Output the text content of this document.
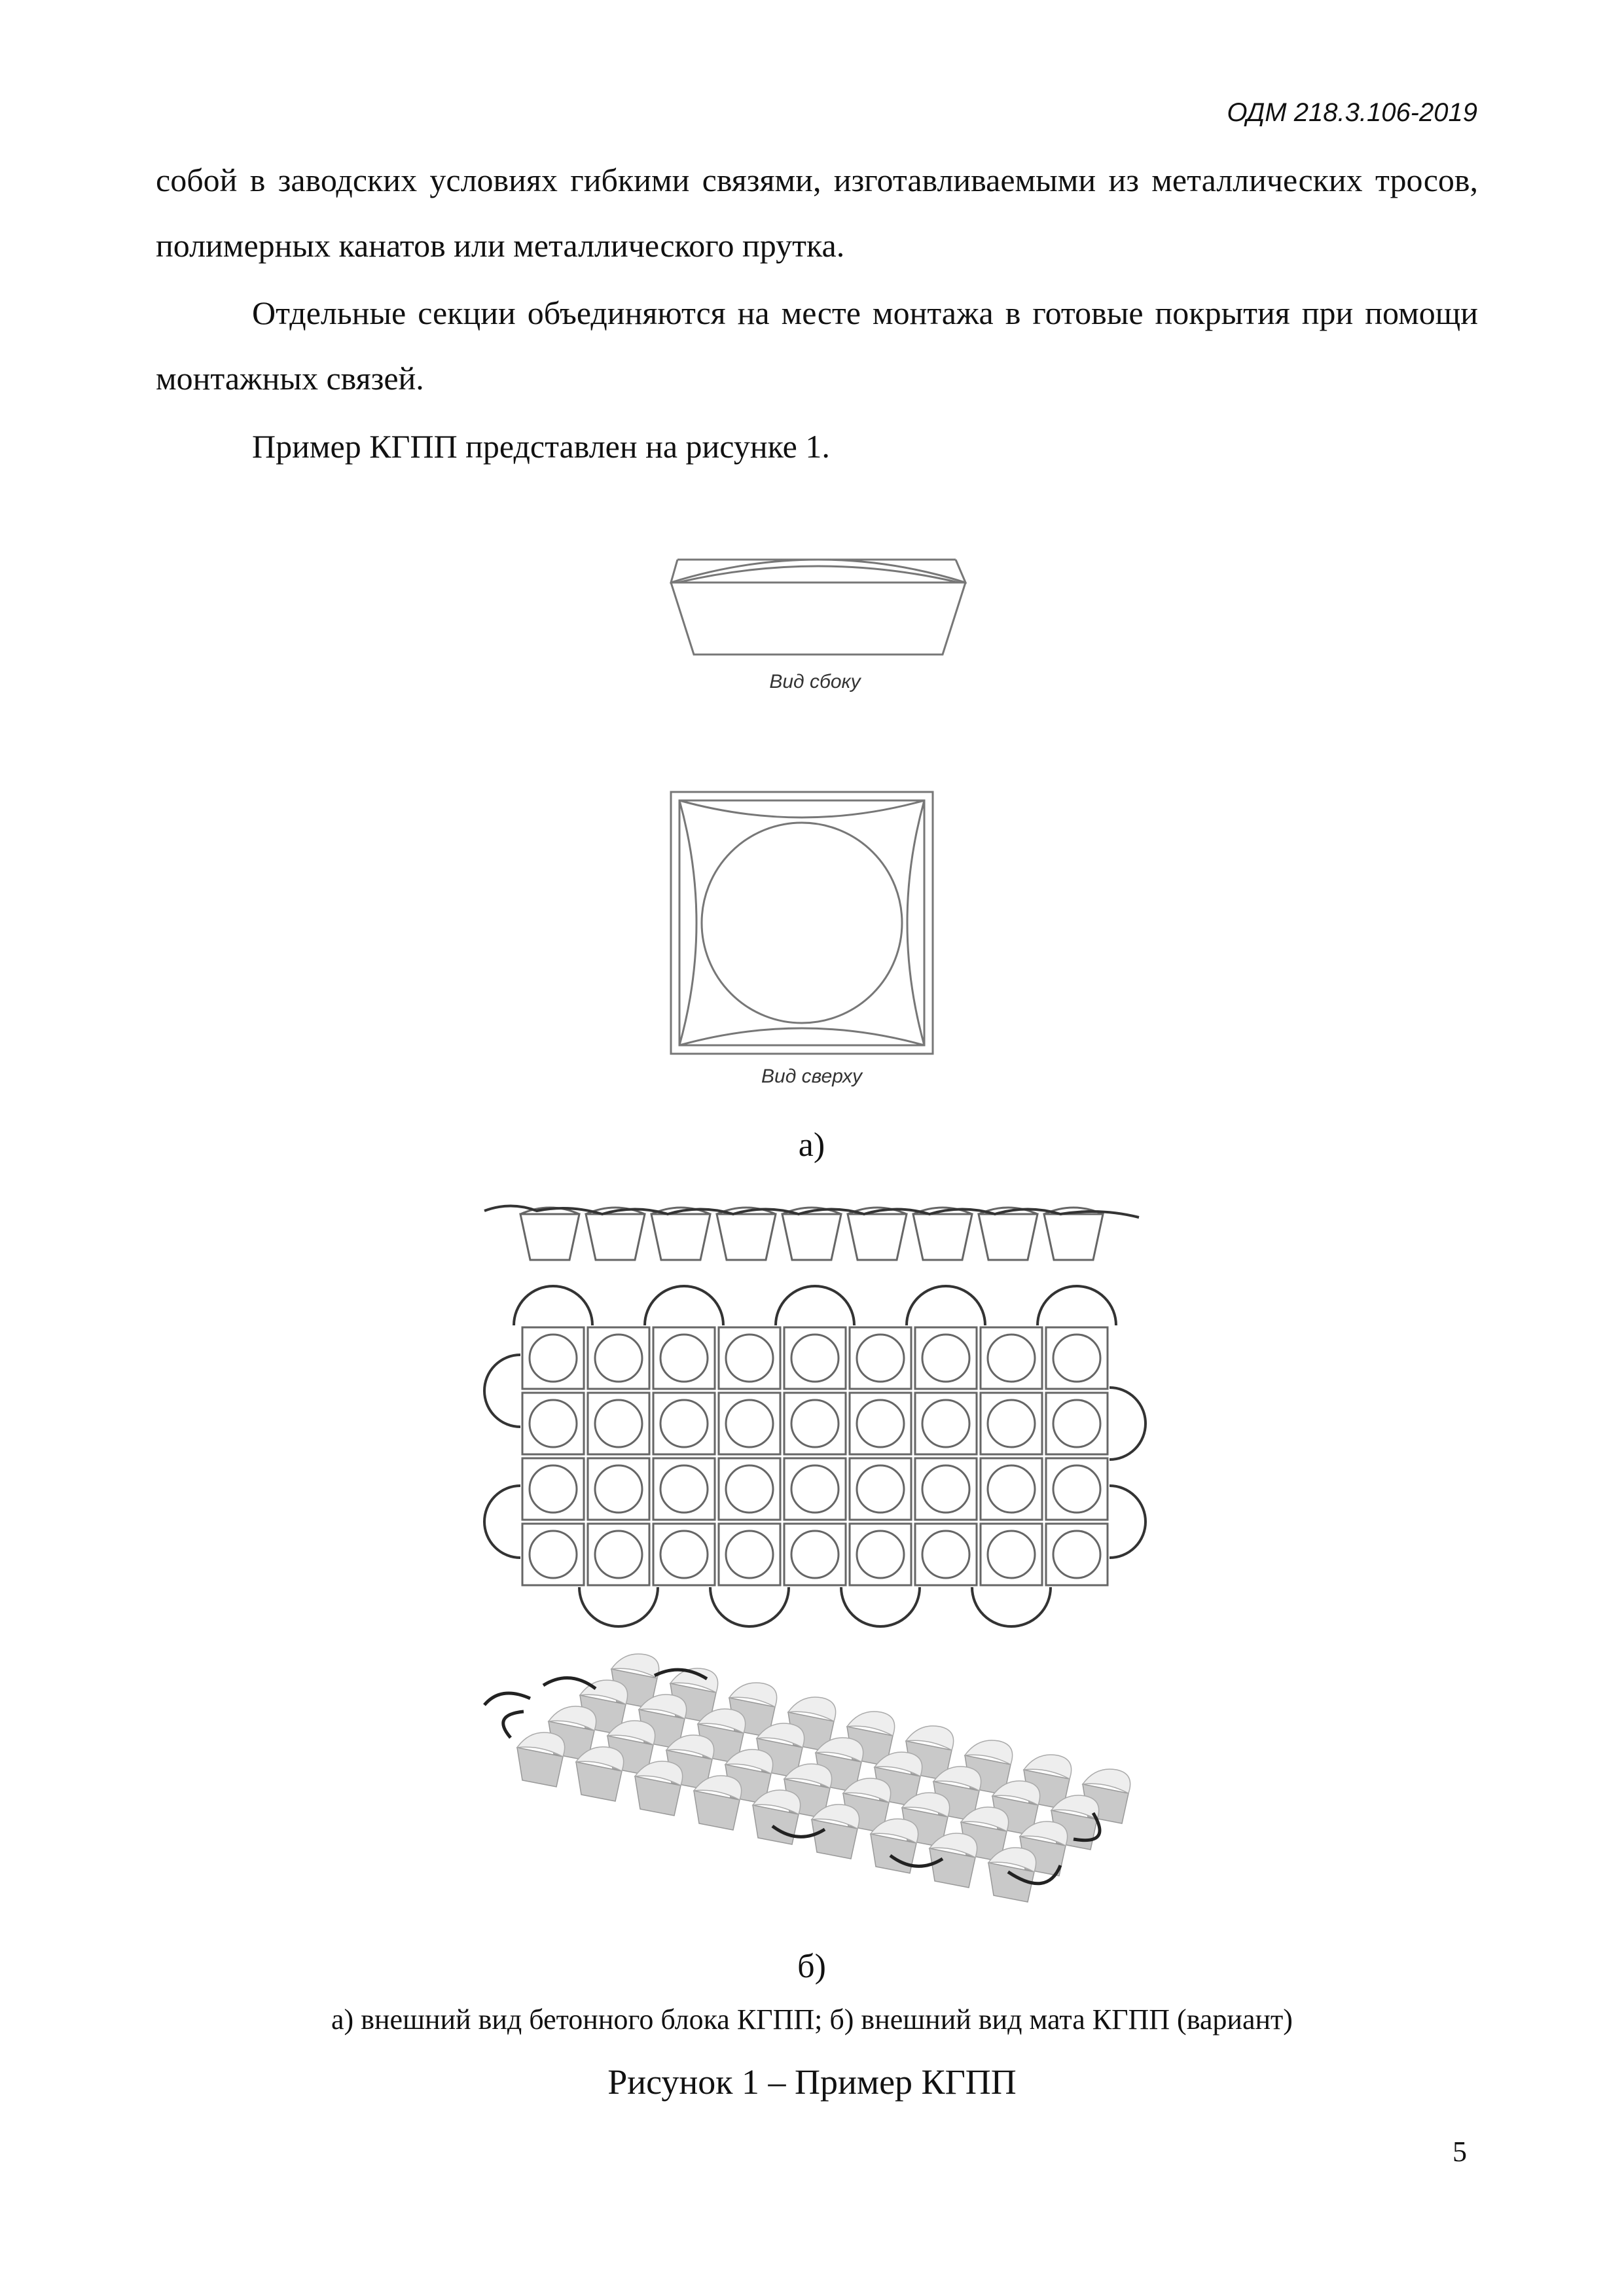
ОДМ 218.3.106-2019

собой в заводских условиях гибкими связями, изготавливаемыми из металлических тросов, полимерных канатов или металлического прутка.

Отдельные секции объединяются на месте монтажа в готовые покрытия при помощи монтажных связей.

Пример КГПП представлен на рисунке 1.

Вид сбоку
Вид сверху
а)
б)
а) внешний вид бетонного блока КГПП; б) внешний вид мата КГПП (вариант)
Рисунок 1 – Пример КГПП
5
